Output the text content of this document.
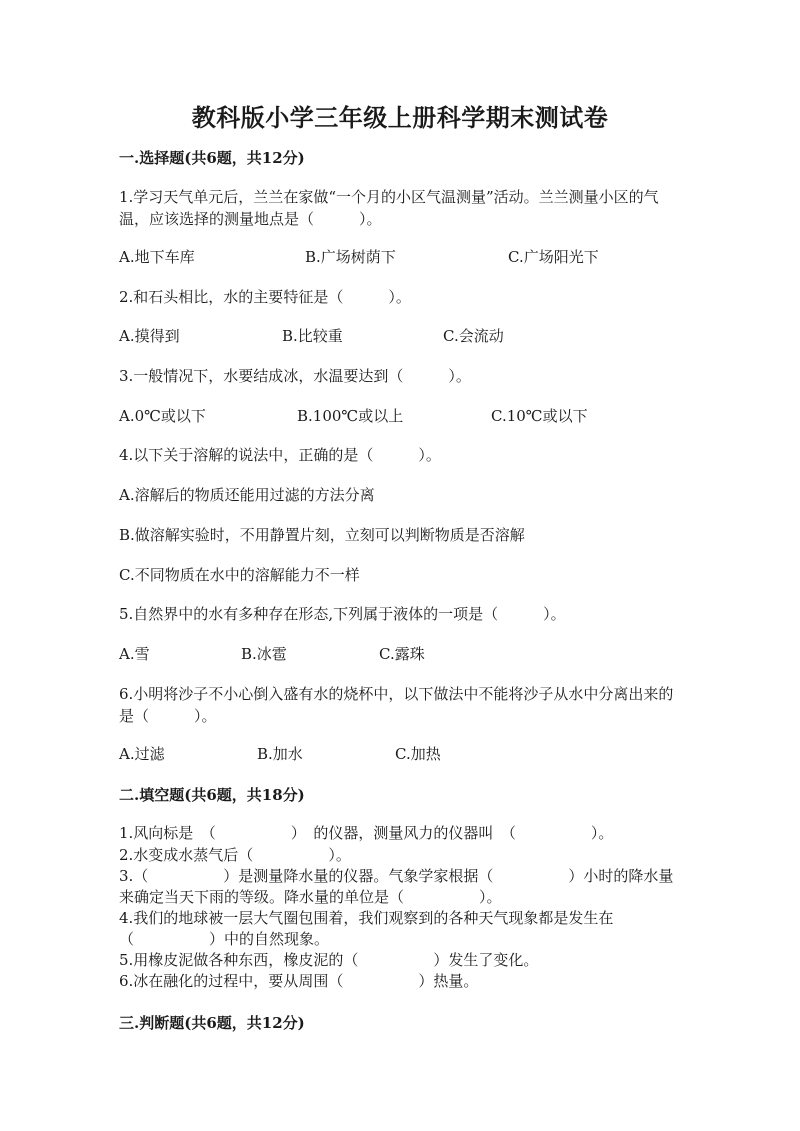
教科版小学三年级上册科学期末测试卷
一.选择题(共6题，共12分)
1.学习天气单元后，兰兰在家做“一个月的小区气温测量”活动。兰兰测量小区的气温，应该选择的测量地点是（　　　）。
A.地下车库	B.广场树荫下	C.广场阳光下
2.和石头相比，水的主要特征是（　　　）。
A.摸得到	B.比较重	C.会流动
3.一般情况下，水要结成冰，水温要达到（　　　）。
A.0℃或以下	B.100℃或以上	C.10℃或以下
4.以下关于溶解的说法中，正确的是（　　　）。
A.溶解后的物质还能用过滤的方法分离
B.做溶解实验时，不用静置片刻，立刻可以判断物质是否溶解
C.不同物质在水中的溶解能力不一样
5.自然界中的水有多种存在形态,下列属于液体的一项是（　　　）。
A.雪	B.冰雹	C.露珠
6.小明将沙子不小心倒入盛有水的烧杯中，以下做法中不能将沙子从水中分离出来的是（　　　）。
A.过滤	B.加水	C.加热
二.填空题(共6题，共18分)
1.风向标是　（　　　　　）　的仪器，测量风力的仪器叫　（　　　　　）。
2.水变成水蒸气后（　　　　　）。
3.（　　　　　）是测量降水量的仪器。气象学家根据（　　　　　）小时的降水量来确定当天下雨的等级。降水量的单位是（　　　　　）。
4.我们的地球被一层大气圈包围着，我们观察到的各种天气现象都是发生在（　　　　　）中的自然现象。
5.用橡皮泥做各种东西，橡皮泥的（　　　　　）发生了变化。
6.冰在融化的过程中，要从周围（　　　　　）热量。
三.判断题(共6题，共12分)
